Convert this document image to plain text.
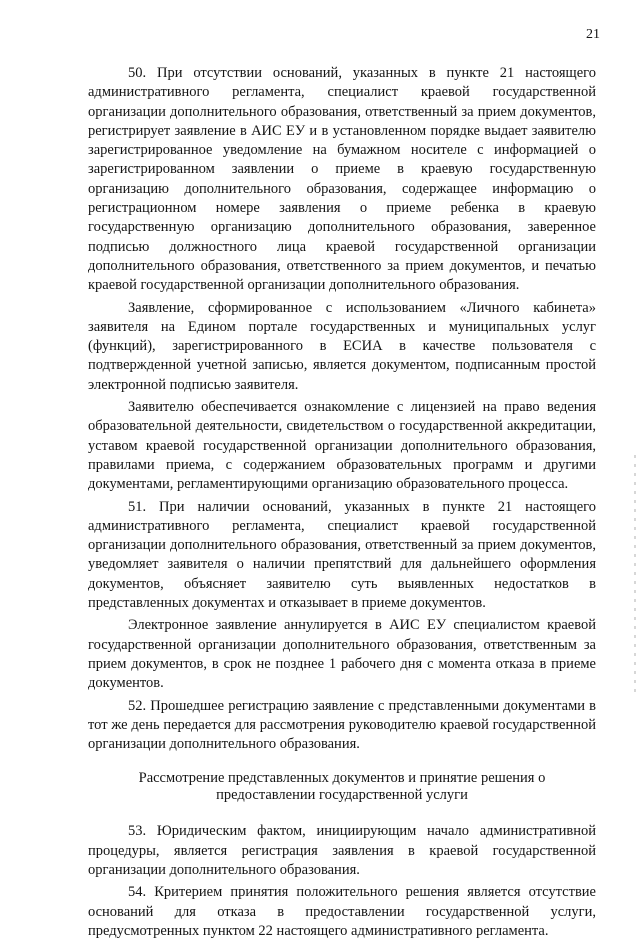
21

50. При отсутствии оснований, указанных в пункте 21 настоящего административного регламента, специалист краевой государственной организации дополнительного образования, ответственный за прием документов, регистрирует заявление в АИС ЕУ и в установленном порядке выдает заявителю зарегистрированное уведомление на бумажном носителе с информацией о зарегистрированном заявлении о приеме в краевую государственную организацию дополнительного образования, содержащее информацию о регистрационном номере заявления о приеме ребенка в краевую государственную организацию дополнительного образования, заверенное подписью должностного лица краевой государственной организации дополнительного образования, ответственного за прием документов, и печатью краевой государственной организации дополнительного образования.

Заявление, сформированное с использованием «Личного кабинета» заявителя на Едином портале государственных и муниципальных услуг (функций), зарегистрированного в ЕСИА в качестве пользователя с подтвержденной учетной записью, является документом, подписанным простой электронной подписью заявителя.

Заявителю обеспечивается ознакомление с лицензией на право ведения образовательной деятельности, свидетельством о государственной аккредитации, уставом краевой государственной организации дополнительного образования, правилами приема, с содержанием образовательных программ и другими документами, регламентирующими организацию образовательного процесса.

51. При наличии оснований, указанных в пункте 21 настоящего административного регламента, специалист краевой государственной организации дополнительного образования, ответственный за прием документов, уведомляет заявителя о наличии препятствий для дальнейшего оформления документов, объясняет заявителю суть выявленных недостатков в представленных документах и отказывает в приеме документов.

Электронное заявление аннулируется в АИС ЕУ специалистом краевой государственной организации дополнительного образования, ответственным за прием документов, в срок не позднее 1 рабочего дня с момента отказа в приеме документов.

52. Прошедшее регистрацию заявление с представленными документами в тот же день передается для рассмотрения руководителю краевой государственной организации дополнительного образования.

Рассмотрение представленных документов и принятие решения о
предоставлении государственной услуги

53. Юридическим фактом, инициирующим начало административной процедуры, является регистрация заявления в краевой государственной организации дополнительного образования.

54. Критерием принятия положительного решения является отсутствие оснований для отказа в предоставлении государственной услуги, предусмотренных пунктом 22 настоящего административного регламента.
